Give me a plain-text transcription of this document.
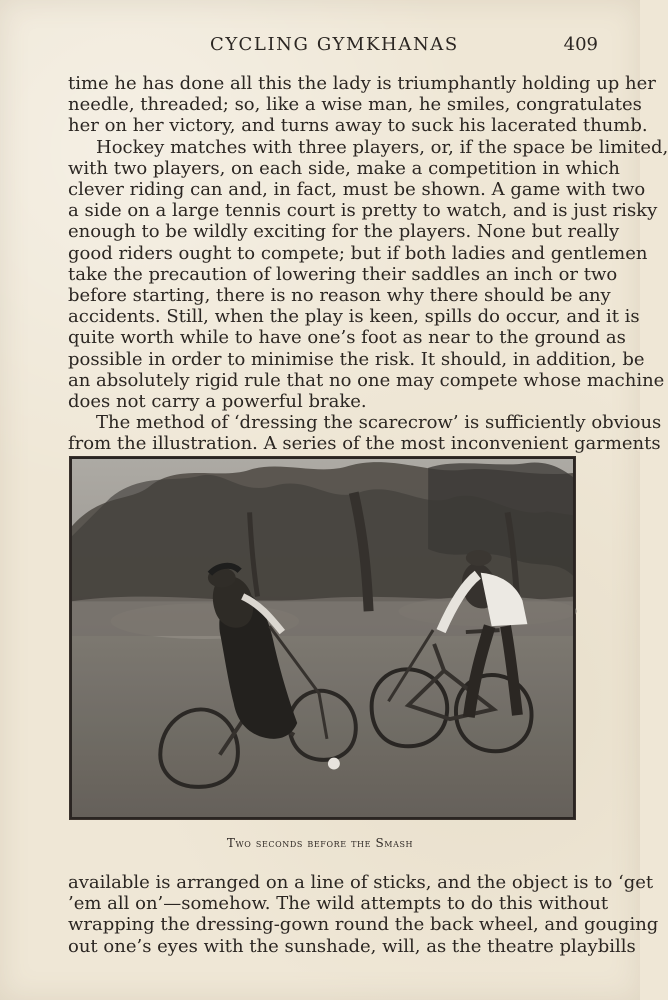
CYCLING GYMKHANAS	409

time he has done all this the lady is triumphantly holding up her
needle, threaded; so, like a wise man, he smiles, congratulates
her on her victory, and turns away to suck his lacerated thumb.

Hockey matches with three players, or, if the space be limited,
with two players, on each side, make a competition in which
clever riding can and, in fact, must be shown. A game with two
a side on a large tennis court is pretty to watch, and is just risky
enough to be wildly exciting for the players. None but really
good riders ought to compete; but if both ladies and gentlemen
take the precaution of lowering their saddles an inch or two
before starting, there is no reason why there should be any
accidents. Still, when the play is keen, spills do occur, and it is
quite worth while to have one’s foot as near to the ground as
possible in order to minimise the risk. It should, in addition, be
an absolutely rigid rule that no one may compete whose machine
does not carry a powerful brake.

The method of ‘dressing the scarecrow’ is sufficiently obvious
from the illustration. A series of the most inconvenient garments

Two seconds before the Smash

available is arranged on a line of sticks, and the object is to ‘get
’em all on’—somehow. The wild attempts to do this without
wrapping the dressing-gown round the back wheel, and gouging
out one’s eyes with the sunshade, will, as the theatre playbills
